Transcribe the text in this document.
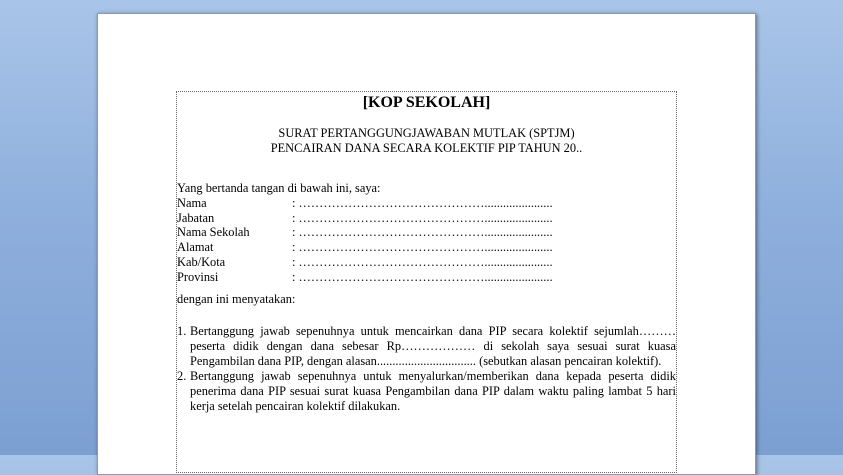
[KOP SEKOLAH]
SURAT PERTANGGUNGJAWABAN MUTLAK (SPTJM)
PENCAIRAN DANA SECARA KOLEKTIF PIP TAHUN 20..
Yang bertanda tangan di bawah ini, saya:
Nama	: ………………………………………......................
Jabatan	: ………………………………………......................
Nama Sekolah	: ………………………………………......................
Alamat	: ………………………………………......................
Kab/Kota	: ………………………………………......................
Provinsi	: ………………………………………......................
dengan ini menyatakan:
1. Bertanggung jawab sepenuhnya untuk mencairkan dana PIP secara kolektif sejumlah……… peserta didik dengan dana sebesar Rp……………… di sekolah saya sesuai surat kuasa Pengambilan dana PIP, dengan alasan................................ (sebutkan alasan pencairan kolektif).
2. Bertanggung jawab sepenuhnya untuk menyalurkan/memberikan dana kepada peserta didik penerima dana PIP sesuai surat kuasa Pengambilan dana PIP dalam waktu paling lambat 5 hari kerja setelah pencairan kolektif dilakukan.
